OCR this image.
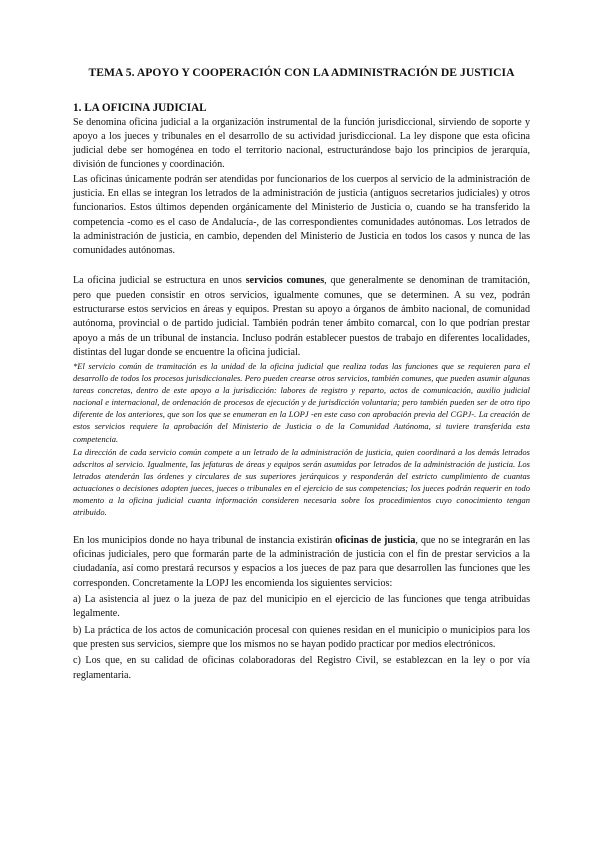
TEMA 5. APOYO Y COOPERACIÓN CON LA ADMINISTRACIÓN DE JUSTICIA
1. LA OFICINA JUDICIAL

Se denomina oficina judicial a la organización instrumental de la función jurisdiccional, sirviendo de soporte y apoyo a los jueces y tribunales en el desarrollo de su actividad jurisdiccional. La ley dispone que esta oficina judicial debe ser homogénea en todo el territorio nacional, estructurándose bajo los principios de jerarquía, división de funciones y coordinación.

Las oficinas únicamente podrán ser atendidas por funcionarios de los cuerpos al servicio de la administración de justicia. En ellas se integran los letrados de la administración de justicia (antiguos secretarios judiciales) y otros funcionarios. Estos últimos dependen orgánicamente del Ministerio de Justicia o, cuando se ha transferido la competencia -como es el caso de Andalucía-, de las correspondientes comunidades autónomas. Los letrados de la administración de justicia, en cambio, dependen del Ministerio de Justicia en todos los casos y nunca de las comunidades autónomas.

La oficina judicial se estructura en unos servicios comunes, que generalmente se denominan de tramitación, pero que pueden consistir en otros servicios, igualmente comunes, que se determinen. A su vez, podrán estructurarse estos servicios en áreas y equipos. Prestan su apoyo a órganos de ámbito nacional, de comunidad autónoma, provincial o de partido judicial. También podrán tener ámbito comarcal, con lo que podrían prestar apoyo a más de un tribunal de instancia. Incluso podrán establecer puestos de trabajo en diferentes localidades, distintas del lugar donde se encuentre la oficina judicial.

*El servicio común de tramitación es la unidad de la oficina judicial que realiza todas las funciones que se requieren para el desarrollo de todos los procesos jurisdiccionales. Pero pueden crearse otros servicios, también comunes, que pueden asumir algunas tareas concretas, dentro de este apoyo a la jurisdicción: labores de registro y reparto, actos de comunicación, auxilio judicial nacional e internacional, de ordenación de procesos de ejecución y de jurisdicción voluntaria; pero también pueden ser de otro tipo diferente de los anteriores, que son los que se enumeran en la LOPJ -en este caso con aprobación previa del CGPJ-. La creación de estos servicios requiere la aprobación del Ministerio de Justicia o de la Comunidad Autónoma, si tuviere transferida esta competencia.

La dirección de cada servicio común compete a un letrado de la administración de justicia, quien coordinará a los demás letrados adscritos al servicio. Igualmente, las jefaturas de áreas y equipos serán asumidas por letrados de la administración de justicia. Los letrados atenderán las órdenes y circulares de sus superiores jerárquicos y responderán del estricto cumplimiento de cuantas actuaciones o decisiones adopten jueces, jueces o tribunales en el ejercicio de sus competencias; los jueces podrán requerir en todo momento a la oficina judicial cuanta información consideren necesaria sobre los procedimientos cuyo conocimiento tengan atribuido.

En los municipios donde no haya tribunal de instancia existirán oficinas de justicia, que no se integrarán en las oficinas judiciales, pero que formarán parte de la administración de justicia con el fin de prestar servicios a la ciudadanía, así como prestará recursos y espacios a los jueces de paz para que desarrollen las funciones que les corresponden. Concretamente la LOPJ les encomienda los siguientes servicios:

a) La asistencia al juez o la jueza de paz del municipio en el ejercicio de las funciones que tenga atribuidas legalmente.

b) La práctica de los actos de comunicación procesal con quienes residan en el municipio o municipios para los que presten sus servicios, siempre que los mismos no se hayan podido practicar por medios electrónicos.

c) Los que, en su calidad de oficinas colaboradoras del Registro Civil, se establezcan en la ley o por vía reglamentaria.
